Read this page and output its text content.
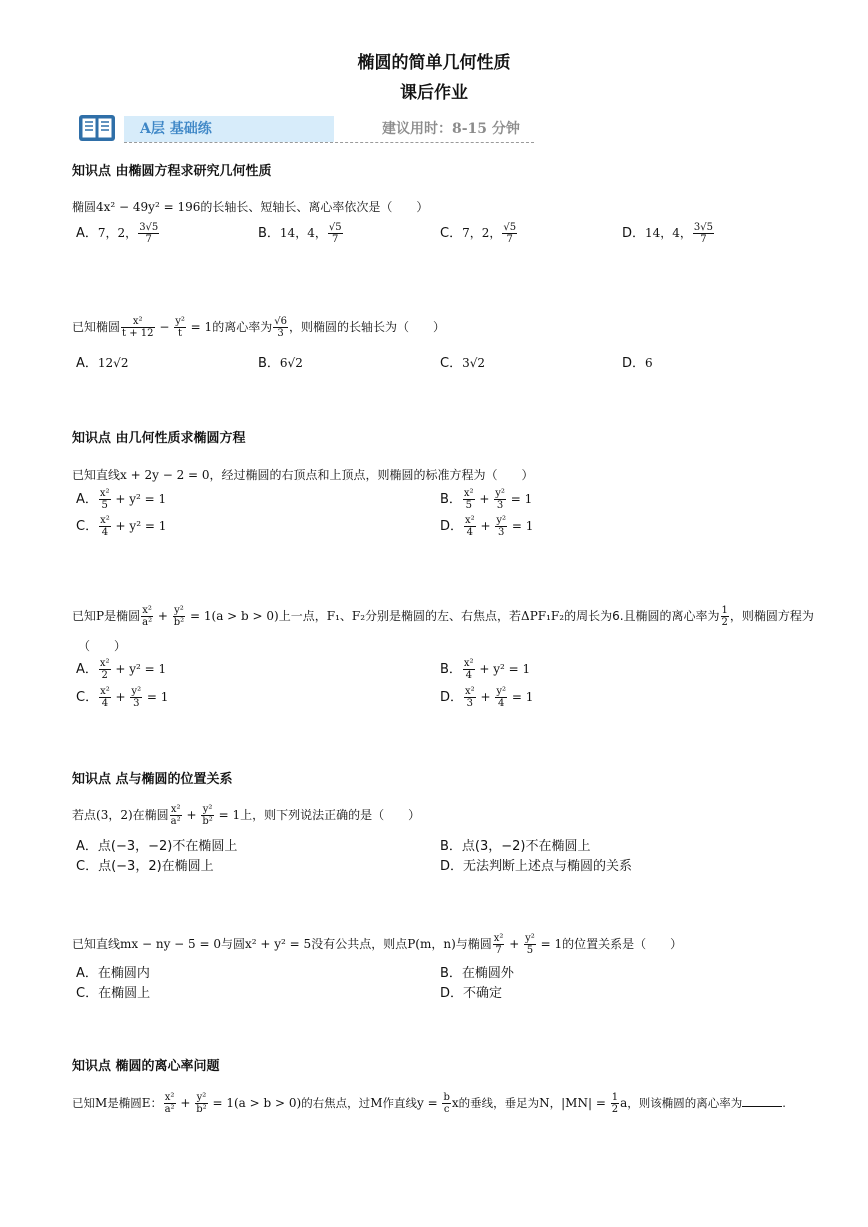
椭圆的简单几何性质
课后作业
A层 基础练	建议用时：8-15 分钟
知识点 由椭圆方程求研究几何性质
椭圆4x² − 49y² = 196的长轴长、短轴长、离心率依次是（　　）
A．7，2， $\frac{3√5}{7}$	B．14，4， $\frac{√5}{7}$	C．7，2， $\frac{√5}{7}$	D．14，4， $\frac{3√5}{7}$
已知椭圆 $\frac{\text{x²}}{t + 12} - \frac{\text{y²}}{t} = 1$的离心率为 $\frac{√6}{3}$ ，则椭圆的长轴长为（　　）
A．12√2	B．6√2	C．3√2	D．6
知识点 由几何性质求椭圆方程
已知直线x + 2y − 2 = 0，经过椭圆的右顶点和上顶点，则椭圆的标准方程为（　　）
A． $\frac{\text{x²}}{5} + y^2 = 1$	B． $\frac{\text{x²}}{5} + \frac{\text{y²}}{3} = 1$
C． $\frac{\text{x²}}{4} + y^2 = 1$	D． $\frac{\text{x²}}{4} + \frac{\text{y²}}{3} = 1$
已知P是椭圆 $\frac{\text{x²}}{\text{a²}} + \frac{\text{y²}}{\text{b²}} = 1(a > b > 0)$上一点，F₁、F₂分别是椭圆的左、右焦点，若ΔPF₁F₂的周长为6.且椭圆的离心率为 $\frac{1}{2}$ ，则椭圆方程为
（　　）
A． $\frac{\text{x²}}{2} + y^2 = 1$	B． $\frac{\text{x²}}{4} + y^2 = 1$
C． $\frac{\text{x²}}{4} + \frac{\text{y²}}{3} = 1$	D． $\frac{\text{x²}}{3} + \frac{\text{y²}}{4} = 1$
知识点 点与椭圆的位置关系
若点(3，2)在椭圆 $\frac{\text{x²}}{\text{a²}} + \frac{\text{y²}}{\text{b²}} = 1$上，则下列说法正确的是（　　）
A．点(−3，−2)不在椭圆上	B．点(3，−2)不在椭圆上
C．点(−3，2)在椭圆上	D．无法判断上述点与椭圆的关系
已知直线mx − ny − 5 = 0与圆x² + y² = 5没有公共点，则点P(m，n)与椭圆 $\frac{\text{x²}}{7} + \frac{\text{y²}}{5} = 1$的位置关系是（　　）
A．在椭圆内	B．在椭圆外
C．在椭圆上	D．不确定
知识点 椭圆的离心率问题
已知M是椭圆E： $\frac{\text{x²}}{\text{a²}} + \frac{\text{y²}}{\text{b²}} = 1(a > b > 0)$的右焦点，过M作直线$y = \frac{b}{c}$ x的垂线，垂足为N，$|MN| = \frac{1}{2}$ a，则该椭圆的离心率为	.
